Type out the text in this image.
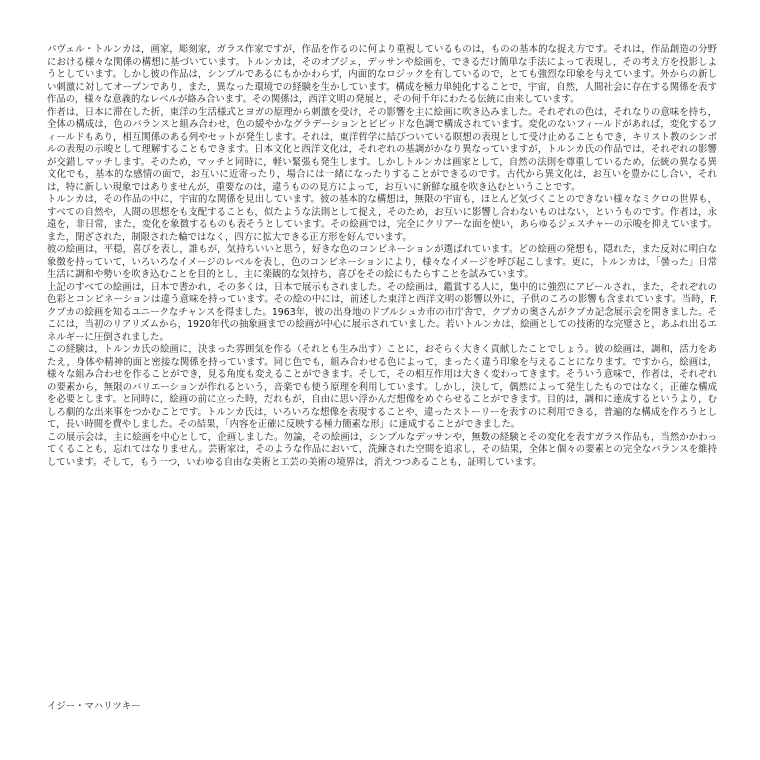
パヴェル・トルンカは，画家，彫刻家，ガラス作家ですが，作品を作るのに何より重視しているものは，ものの基本的な捉え方です。それは，作品創造の分野における様々な関係の構想に基づいています。トルンカは，そのオブジェ，デッサンや絵画を，できるだけ簡単な手法によって表現し，その考え方を投影しようとしています。しかし彼の作品は，シンプルであるにもかかわらず，内面的なロジックを有しているので，とても強烈な印象を与えています。外からの新しい刺激に対してオープンであり，また，異なった環境での経験を生かしています。構成を極力単純化することで，宇宙，自然，人間社会に存在する関係を表す作品の，様々な意義的なレベルが絡み合います。その関係は，西洋文明の発展と，その何千年にわたる伝統に由来しています。

作者は，日本に滞在した折，東洋の生活様式とヨガの原理から刺激を受け，その影響を主に絵画に吹き込みました。それぞれの色は，それなりの意味を持ち，全体の構成は，色のバランスと組み合わせ，色の緩やかなグラデーションとビビッドな色調で構成されています。変化のないフィールドがあれば，変化するフィールドもあり，相互関係のある列やセットが発生します。それは，東洋哲学に結びついている瞑想の表現として受け止めることもでき，キリスト教のシンボルの表現の示唆として理解することもできます。日本文化と西洋文化は，それぞれの基調がかなり異なっていますが，トルンカ氏の作品では，それぞれの影響が交錯しマッチします。そのため，マッチと同時に，軽い緊張も発生します。しかしトルンカは画家として，自然の法則を尊重しているため，伝統の異なる異文化でも，基本的な感情の面で，お互いに近寄ったり，場合には一緒になったりすることができるのです。古代から異文化は，お互いを豊かにし合い，それは，特に新しい現象ではありませんが，重要なのは，違うものの見方によって，お互いに新鮮な風を吹き込むということです。

トルンカは，その作品の中に，宇宙的な関係を見出しています。彼の基本的な構想は，無限の宇宙も，ほとんど気づくことのできない様々なミクロの世界も，すべての自然や，人間の思想をも支配することも，似たような法則として捉え，そのため，お互いに影響し合わないものはない，というものです。作者は，永遠を，非日常，また，変化を象徴するものも表そうとしています。その絵画では，完全にクリアーな面を使い，あらゆるジェスチャーの示唆を抑えています。また，閉ざされた，制限された輪ではなく，四方に拡大できる正方形を好んでいます。

彼の絵画は，平穏，喜びを表し，誰もが，気持ちいいと思う，好きな色のコンビネーションが選ばれています。どの絵画の発想も，隠れた，また反対に明白な象徴を持っていて，いろいろなイメージのレベルを表し，色のコンビネーションにより，様々なイメージを呼び起こします。更に，トルンカは，「曇った」日常生活に調和や勢いを吹き込むことを目的とし，主に楽観的な気持ち，喜びをその絵にもたらすことを試みています。

上記のすべての絵画は，日本で書かれ，その多くは，日本で展示もされました。その絵画は，鑑賞する人に，集中的に強烈にアピールされ，また，それぞれの色彩とコンビネーションは違う意味を持っています。その絵の中には，前述した東洋と西洋文明の影響以外に，子供のころの影響も含まれています。当時，F.クプカの絵画を知るユニークなチャンスを得ました。1963年，彼の出身地のドブルシュカ市の市庁舎で，クプカの奥さんがクプカ記念展示会を開きました。そこには，当初のリアリズムから，1920年代の抽象画までの絵画が中心に展示されていました。若いトルンカは，絵画としての技術的な完璧さと，あふれ出るエネルギーに圧倒されました。

この経験は，トルンカ氏の絵画に，決まった雰囲気を作る（それとも生み出す）ことに，おそらく大きく貢献したことでしょう。彼の絵画は，調和，活力をあたえ，身体や精神的面と密接な関係を持っています。同じ色でも，組み合わせる色によって，まったく違う印象を与えることになります。ですから，絵画は，様々な組み合わせを作ることができ，見る角度も変えることができます。そして，その相互作用は大きく変わってきます。そういう意味で，作者は，それぞれの要素から，無限のバリエーションが作れるという，音楽でも使う原理を利用しています。しかし，決して，偶然によって発生したものではなく，正確な構成を必要とします。と同時に，絵画の前に立った時，だれもが，自由に思い浮かんだ想像をめぐらせることができます。目的は，調和に達成するというより，むしろ劇的な出来事をつかむことです。トルンカ氏は，いろいろな想像を表現することや，違ったストーリーを表すのに利用できる，普遍的な構成を作ろうとして，長い時間を費やしました。その結果，「内容を正確に反映する極力簡素な形」に達成することができました。

この展示会は，主に絵画を中心として，企画しました。勿論，その絵画は，シンプルなデッサンや，無数の経験とその変化を表すガラス作品も，当然かかわってくることも，忘れてはなりません。芸術家は，そのような作品において，洗練された空間を追求し，その結果，全体と個々の要素との完全なバランスを維持しています。そして，もう一つ，いわゆる自由な美術と工芸の美術の境界は，消えつつあることも，証明しています。

イジー・マハリツキー
